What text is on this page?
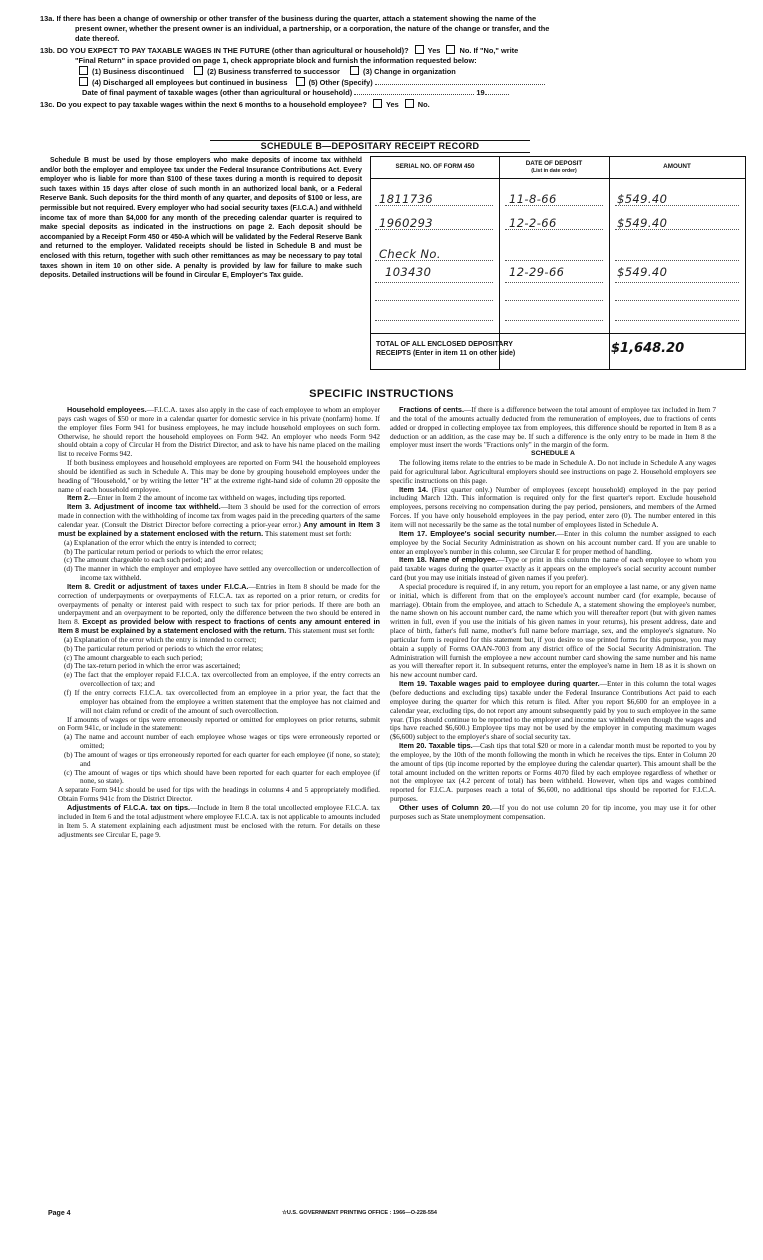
13a. If there has been a change of ownership or other transfer of the business during the quarter, attach a statement showing the name of the
present owner, whether the present owner is an individual, a partnership, or a corporation, the nature of the change or transfer, and the
date thereof.
13b. DO YOU EXPECT TO PAY TAXABLE WAGES IN THE FUTURE (other than agricultural or household)?	Yes	No. If "No," write
"Final Return" in space provided on page 1, check appropriate block and furnish the information requested below:
(1) Business discontinued	(2) Business transferred to successor	(3) Change in organization
(4) Discharged all employees but continued in business	(5) Other (Specify)
Date of final payment of taxable wages (other than agricultural or household)	19
13c. Do you expect to pay taxable wages within the next 6 months to a household employee?	Yes	No.
SCHEDULE B—DEPOSITARY RECEIPT RECORD
Schedule B must be used by those employers who make deposits of income tax withheld and/or both the employer and employee tax under the Federal Insurance Contributions Act. Every employer who is liable for more than $100 of these taxes during a month is required to deposit such taxes within 15 days after close of such month in an authorized local bank, or a Federal Reserve Bank. Such deposits for the third month of any quarter, and deposits of $100 or less, are permissible but not required. Every employer who had social security taxes (F.I.C.A.) and withheld income tax of more than $4,000 for any month of the preceding calendar quarter is required to make special deposits as indicated in the instructions on page 2. Each deposit should be accompanied by a Receipt Form 450 or 450-A which will be validated by the Federal Reserve Bank and returned to the employer. Validated receipts should be listed in Schedule B and must be enclosed with this return, together with such other remittances as may be necessary to pay total taxes shown in item 10 on other side. A penalty is provided by law for failure to make such deposits. Detailed instructions will be found in Circular E, Employer's Tax guide.
SERIAL NO. OF FORM 450	DATE OF DEPOSIT
(List in date order)
AMOUNT
1811736	11-8-66	$549.40
1960293	12-2-66	$549.40
Check No.
103430	12-29-66	$549.40
TOTAL OF ALL ENCLOSED DEPOSITARY
RECEIPTS (Enter in item 11 on other side)	$1,648.20
SPECIFIC INSTRUCTIONS

Household employees.—F.I.C.A. taxes also apply in the case of each employee to whom an employer pays cash wages of $50 or more in a calendar quarter for domestic service in his private (nonfarm) home. If the employer files Form 941 for business employees, he may include household employees on such form. Otherwise, he should report the household employees on Form 942. An employer who needs Form 942 should obtain a copy of Circular H from the District Director, and ask to have his name placed on the mailing list to receive Forms 942.

If both business employees and household employees are reported on Form 941 the household employees should be identified as such in Schedule A. This may be done by grouping household employees under the heading of "Household," or by writing the letter "H" at the extreme right-hand side of column 20 opposite the name of each household employee.

Item 2.—Enter in Item 2 the amount of income tax withheld on wages, including tips reported.

Item 3. Adjustment of income tax withheld.—Item 3 should be used for the correction of errors made in connection with the withholding of income tax from wages paid in the preceding quarters of the same calendar year. (Consult the District Director before correcting a prior-year error.) Any amount in Item 3 must be explained by a statement enclosed with the return. This statement must set forth:

(a) Explanation of the error which the entry is intended to correct;
(b) The particular return period or periods to which the error relates;
(c) The amount chargeable to each such period; and
(d) The manner in which the employer and employee have settled any overcollection or undercollection of income tax withheld.

Item 8. Credit or adjustment of taxes under F.I.C.A.—Entries in Item 8 should be made for the correction of underpayments or overpayments of F.I.C.A. tax as reported on a prior return, or credits for overpayments of penalty or interest paid with respect to such tax for prior periods. If there are both an underpayment and an overpayment to be reported, only the difference between the two should be entered in Item 8. Except as provided below with respect to fractions of cents any amount entered in Item 8 must be explained by a statement enclosed with the return. This statement must set forth:

(a) Explanation of the error which the entry is intended to correct;
(b) The particular return period or periods to which the error relates;
(c) The amount chargeable to each such period;
(d) The tax-return period in which the error was ascertained;
(e) The fact that the employer repaid F.I.C.A. tax overcollected from an employee, if the entry corrects an overcollection of tax; and
(f) If the entry corrects F.I.C.A. tax overcollected from an employee in a prior year, the fact that the employer has obtained from the employee a written statement that the employee has not claimed and will not claim refund or credit of the amount of such overcollection.

If amounts of wages or tips were erroneously reported or omitted for employees on prior returns, submit on Form 941c, or include in the statement:

(a) The name and account number of each employee whose wages or tips were erroneously reported or omitted;
(b) The amount of wages or tips erroneously reported for each quarter for each employee (if none, so state); and
(c) The amount of wages or tips which should have been reported for each quarter for each employee (if none, so state).

A separate Form 941c should be used for tips with the headings in columns 4 and 5 appropriately modified. Obtain Forms 941c from the District Director.

Adjustments of F.I.C.A. tax on tips.—Include in Item 8 the total uncollected employee F.I.C.A. tax included in Item 6 and the total adjustment where employee F.I.C.A. tax is not applicable to amounts included in Item 5. A statement explaining each adjustment must be enclosed with the return. For details on these adjustments see Circular E, page 9.

Fractions of cents.—If there is a difference between the total amount of employee tax included in Item 7 and the total of the amounts actually deducted from the remuneration of employees, due to fractions of cents added or dropped in collecting employee tax from employees, this difference should be reported in Item 8 as a deduction or an addition, as the case may be. If such a difference is the only entry to be made in Item 8 the employer must insert the words "Fractions only" in the margin of the form.

SCHEDULE A

The following items relate to the entries to be made in Schedule A. Do not include in Schedule A any wages paid for agricultural labor. Agricultural employers should see instructions on page 2. Household employers see specific instructions on this page.

Item 14. (First quarter only.) Number of employees (except household) employed in the pay period including March 12th. This information is required only for the first quarter's report. Exclude household employees, persons receiving no compensation during the pay period, pensioners, and members of the Armed Forces. If you have only household employees in the pay period, enter zero (0). The number entered in this item will not necessarily be the same as the total number of employees listed in Schedule A.

Item 17. Employee's social security number.—Enter in this column the number assigned to each employee by the Social Security Administration as shown on his account number card. If you are unable to enter an employee's number in this column, see Circular E for proper method of handling.

Item 18. Name of employee.—Type or print in this column the name of each employee to whom you paid taxable wages during the quarter exactly as it appears on the employee's social security account number card (but you may use initials instead of given names if you prefer).

A special procedure is required if, in any return, you report for an employee a last name, or any given name or initial, which is different from that on the employee's account number card (for example, because of marriage). Obtain from the employee, and attach to Schedule A, a statement showing the employee's number, the name shown on his account number card, the name which you will thereafter report (but with given names written in full, even if you use the initials of his given names in your returns), his present address, date and place of birth, father's full name, mother's full name before marriage, sex, and the employee's signature. No particular form is required for this statement but, if you desire to use printed forms for this purpose, you may obtain a supply of Forms OAAN-7003 from any district office of the Social Security Administration. The Administration will furnish the employee a new account number card showing the same number and his name as you will thereafter report it. In subsequent returns, enter the employee's name in Item 18 as it is shown on his new account number card.

Item 19. Taxable wages paid to employee during quarter.—Enter in this column the total wages (before deductions and excluding tips) taxable under the Federal Insurance Contributions Act paid to each employee during the quarter for which this return is filed. After you report $6,600 for an employee in a calendar year, excluding tips, do not report any amount subsequently paid by you to such employee in the same year. (Tips should continue to be reported to the employer and income tax withheld even though the wages and tips have reached $6,600.) Employee tips may not be used by the employer in computing maximum wages ($6,600) subject to the employer's share of social security tax.

Item 20. Taxable tips.—Cash tips that total $20 or more in a calendar month must be reported to you by the employee, by the 10th of the month following the month in which he receives the tips. Enter in Column 20 the amount of tips (tip income reported by the employee during the calendar quarter). This amount shall be the total amount included on the written reports or Forms 4070 filed by each employee regardless of whether or not the employee tax (4.2 percent of total) has been withheld. However, when tips and wages combined reported for F.I.C.A. purposes reach a total of $6,600, no additional tips should be reported for F.I.C.A. purposes.

Other uses of Column 20.—If you do not use column 20 for tip income, you may use it for other purposes such as State unemployment compensation.

Page 4	☆U.S. GOVERNMENT PRINTING OFFICE : 1966—O-228-554
